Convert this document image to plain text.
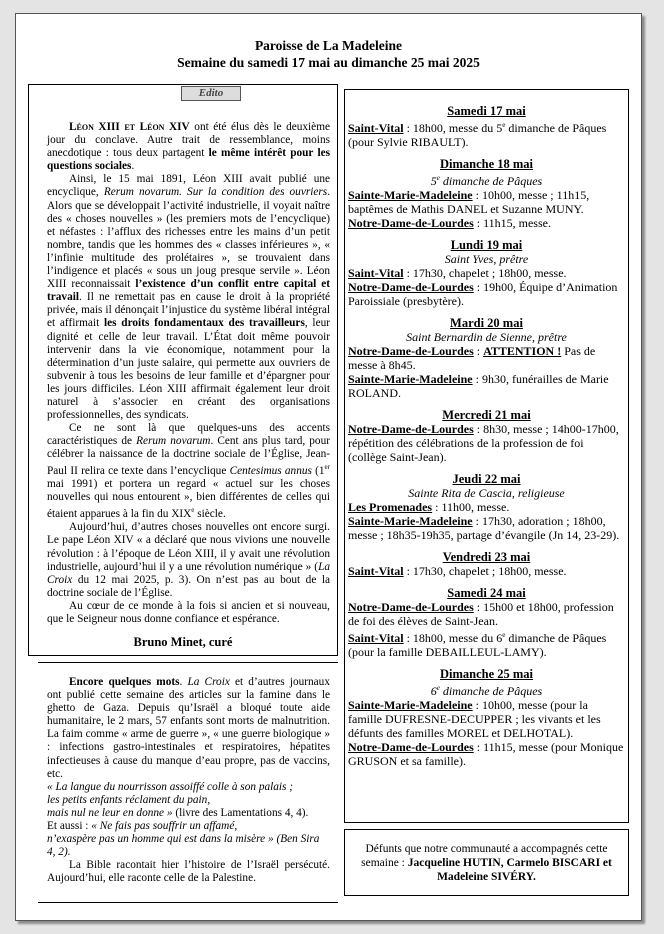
Paroisse de La Madeleine
Semaine du samedi 17 mai au dimanche 25 mai 2025
Edito

Léon XIII et Léon XIV ont été élus dès le deuxième jour du conclave. Autre trait de ressemblance, moins anecdotique : tous deux partagent le même intérêt pour les questions sociales.

Ainsi, le 15 mai 1891, Léon XIII avait publié une encyclique, Rerum novarum. Sur la condition des ouvriers. Alors que se développait l’activité industrielle, il voyait naître des « choses nouvelles » (les premiers mots de l’encyclique) et néfastes : l’afflux des richesses entre les mains d’un petit nombre, tandis que les hommes des « classes inférieures », « l’infinie multitude des prolétaires », se trouvaient dans l’indigence et placés « sous un joug presque servile ». Léon XIII reconnaissait l’existence d’un conflit entre capital et travail. Il ne remettait pas en cause le droit à la propriété privée, mais il dénonçait l’injustice du système libéral intégral et affirmait les droits fondamentaux des travailleurs, leur dignité et celle de leur travail. L’État doit même pouvoir intervenir dans la vie économique, notamment pour la détermination d’un juste salaire, qui permette aux ouvriers de subvenir à tous les besoins de leur famille et d’épargner pour les jours difficiles. Léon XIII affirmait également leur droit naturel à s’associer en créant des organisations professionnelles, des syndicats.

Ce ne sont là que quelques-uns des accents caractéristiques de Rerum novarum. Cent ans plus tard, pour célébrer la naissance de la doctrine sociale de l’Église, Jean-Paul II relira ce texte dans l’encyclique Centesimus annus (1er mai 1991) et portera un regard « actuel sur les choses nouvelles qui nous entourent », bien différentes de celles qui étaient apparues à la fin du XIXe siècle.

Aujourd’hui, d’autres choses nouvelles ont encore surgi. Le pape Léon XIV « a déclaré que nous vivions une nouvelle révolution : à l’époque de Léon XIII, il y avait une révolution industrielle, aujourd’hui il y a une révolution numérique » (La Croix du 12 mai 2025, p. 3). On n’est pas au bout de la doctrine sociale de l’Église.

Au cœur de ce monde à la fois si ancien et si nouveau, que le Seigneur nous donne confiance et espérance.

Bruno Minet, curé

Encore quelques mots. La Croix et d’autres journaux ont publié cette semaine des articles sur la famine dans le ghetto de Gaza. Depuis qu’Israël a bloqué toute aide humanitaire, le 2 mars, 57 enfants sont morts de malnutrition. La faim comme « arme de guerre », « une guerre biologique » : infections gastro-intestinales et respiratoires, hépatites infectieuses à cause du manque d’eau propre, pas de vaccins, etc.

« La langue du nourrisson assoiffé colle à son palais ;
les petits enfants réclament du pain,
mais nul ne leur en donne » (livre des Lamentations 4, 4).

Et aussi : « Ne fais pas souffrir un affamé,
n’exaspère pas un homme qui est dans la misère » (Ben Sira 4, 2).

La Bible racontait hier l’histoire de l’Israël persécuté. Aujourd’hui, elle raconte celle de la Palestine.

Samedi 17 mai

Saint-Vital : 18h00, messe du 5e dimanche de Pâques (pour Sylvie RIBAULT).

Dimanche 18 mai
5e dimanche de Pâques

Sainte-Marie-Madeleine : 10h00, messe ; 11h15, baptêmes de Mathis DANEL et Suzanne MUNY.

Notre-Dame-de-Lourdes : 11h15, messe.

Lundi 19 mai
Saint Yves, prêtre

Saint-Vital : 17h30, chapelet ; 18h00, messe.

Notre-Dame-de-Lourdes : 19h00, Équipe d’Animation Paroissiale (presbytère).

Mardi 20 mai
Saint Bernardin de Sienne, prêtre

Notre-Dame-de-Lourdes : ATTENTION ! Pas de messe à 8h45.

Sainte-Marie-Madeleine : 9h30, funérailles de Marie ROLAND.

Mercredi 21 mai

Notre-Dame-de-Lourdes : 8h30, messe ; 14h00-17h00, répétition des célébrations de la profession de foi (collège Saint-Jean).

Jeudi 22 mai
Sainte Rita de Cascia, religieuse

Les Promenades : 11h00, messe.

Sainte-Marie-Madeleine : 17h30, adoration ; 18h00, messe ; 18h35-19h35, partage d’évangile (Jn 14, 23-29).

Vendredi 23 mai

Saint-Vital : 17h30, chapelet ; 18h00, messe.

Samedi 24 mai

Notre-Dame-de-Lourdes : 15h00 et 18h00, profession de foi des élèves de Saint-Jean.

Saint-Vital : 18h00, messe du 6e dimanche de Pâques (pour la famille DEBAILLEUL-LAMY).

Dimanche 25 mai
6e dimanche de Pâques

Sainte-Marie-Madeleine : 10h00, messe (pour la famille DUFRESNE-DECUPPER ; les vivants et les défunts des familles MOREL et DELHOTAL).

Notre-Dame-de-Lourdes : 11h15, messe (pour Monique GRUSON et sa famille).

Défunts que notre communauté a accompagnés cette semaine : Jacqueline HUTIN, Carmelo BISCARI et Madeleine SIVÉRY.
